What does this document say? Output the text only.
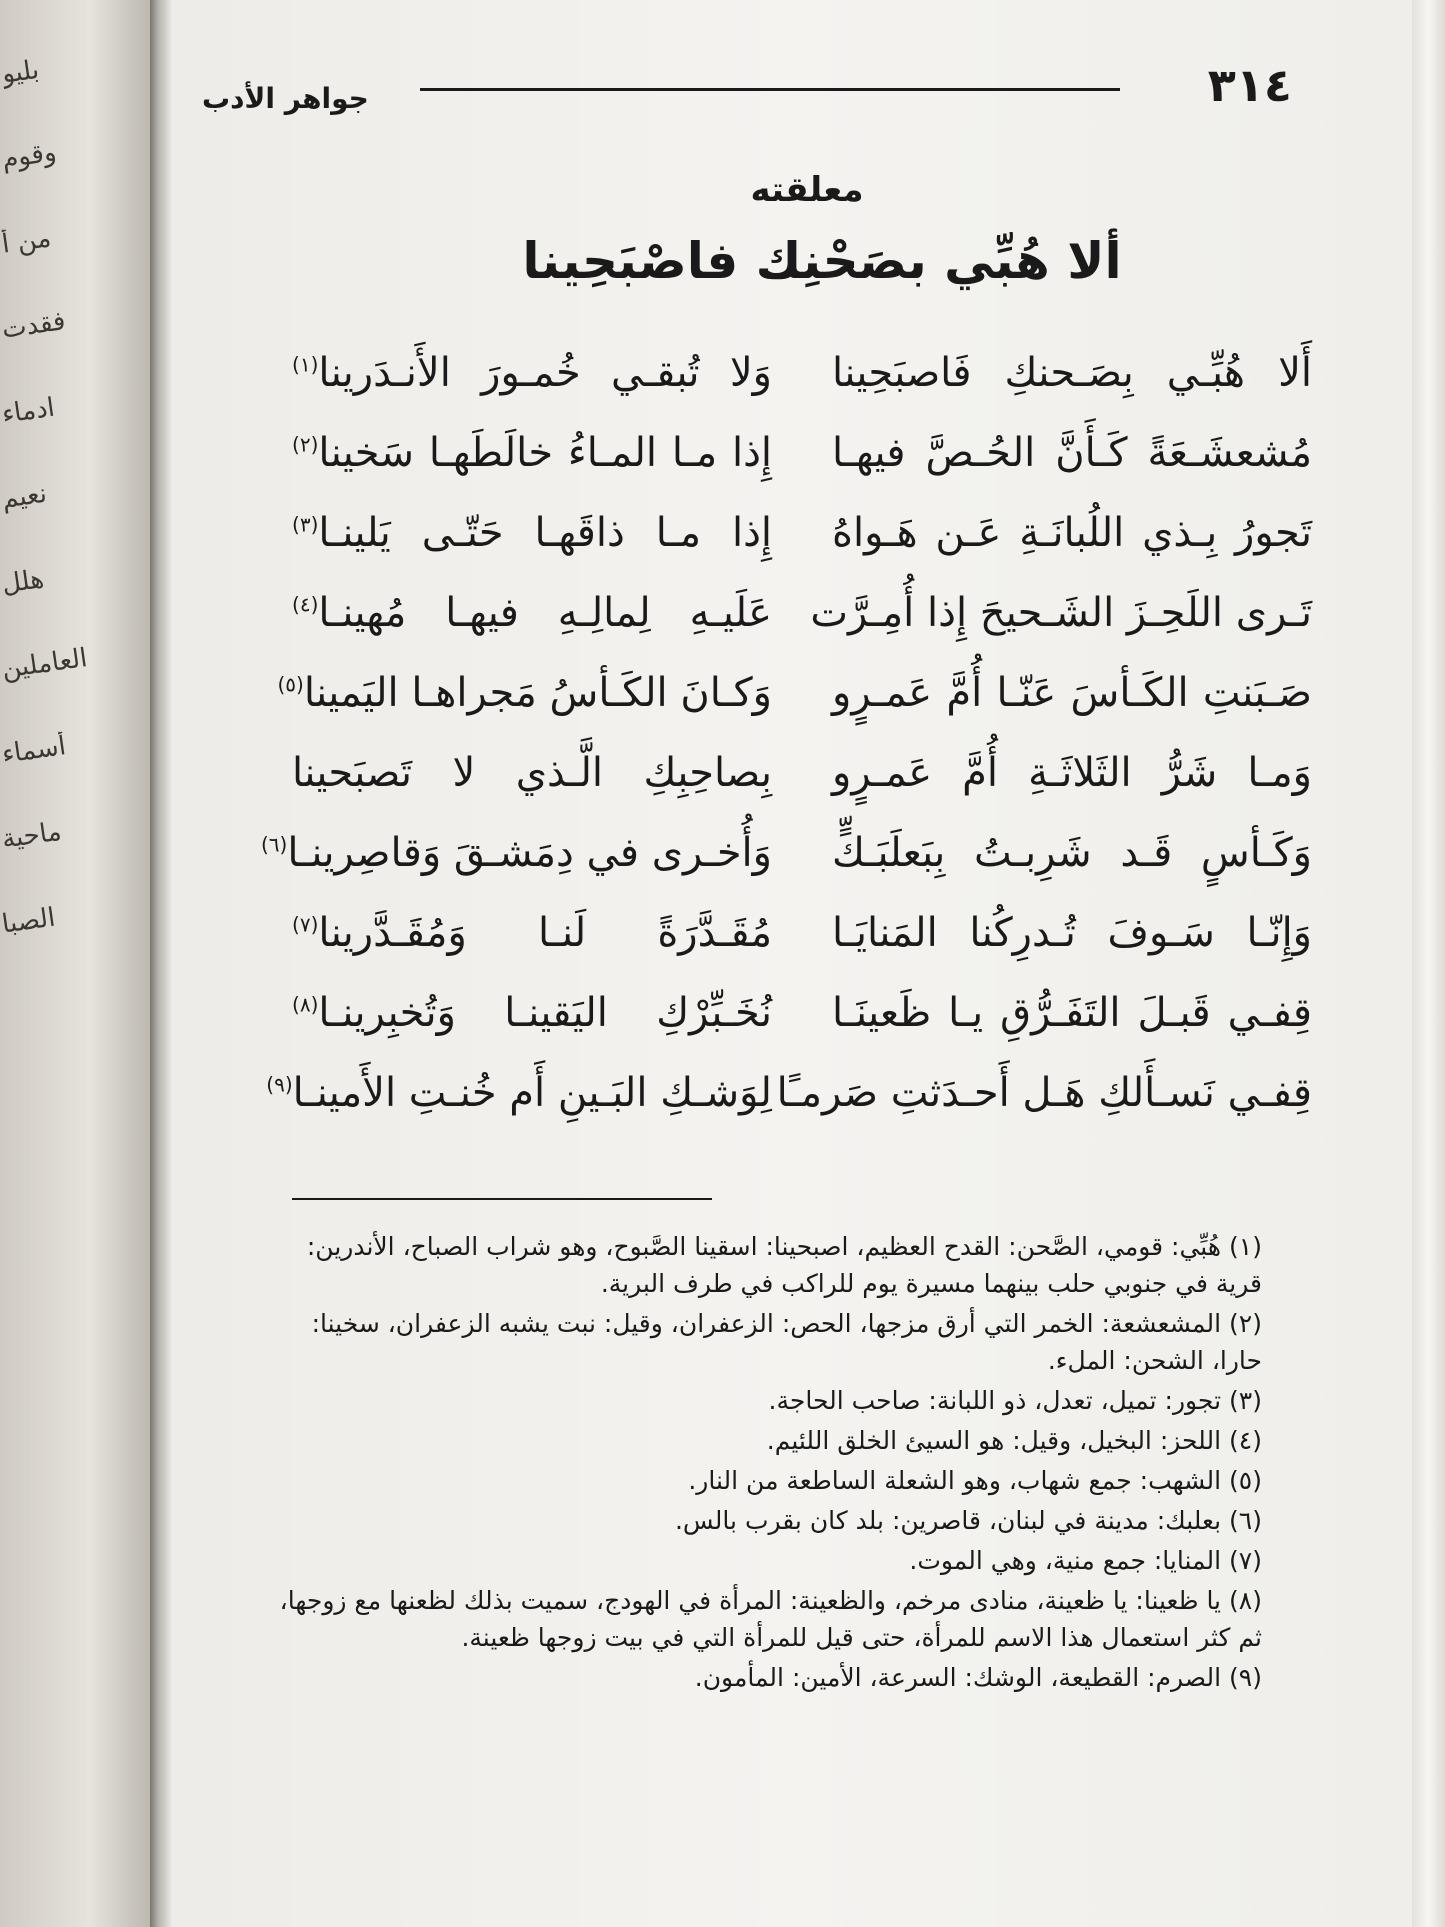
بليو
وقوم
من أ
فقدت
ادماء
نعيم
هلل
العاملين
أسماء
ماحية
الصبا
٣١٤
جواهر الأدب
معلقته
ألا هُبِّي بصَحْنِك فاصْبَحِينا
أَلا هُبِّـي بِصَـحنكِ فَاصبَحِينا
وَلا تُبقـي خُمـورَ الأَنـدَرينا$^{(١)}$
مُشعشَـعَةً كَـأَنَّ الحُـصَّ فيهـا
إِذا مـا المـاءُ خالَطَهـا سَخينا$^{(٢)}$
تَجورُ بِـذي اللُبانَـةِ عَـن هَـواهُ
إِذا مـا ذاقَهـا حَتّـى يَلينـا$^{(٣)}$
تَـرى اللَحِـزَ الشَـحيحَ إِذا أُمِـرَّت
عَلَيـهِ لِمالِـهِ فيهـا مُهينـا$^{(٤)}$
صَـبَنتِ الكَـأسَ عَنّـا أُمَّ عَمـرٍو
وَكـانَ الكَـأسُ مَجراهـا اليَمينا$^{(٥)}$
وَمـا شَرُّ الثَلاثَـةِ أُمَّ عَمـرٍو
بِصاحِبِكِ الَّـذي لا تَصبَحينا
وَكَـأسٍ قَـد شَرِبـتُ بِبَعلَبَـكٍّ
وَأُخـرى في دِمَشـقَ وَقاصِرينـا$^{(٦)}$
وَإِنّـا سَـوفَ تُـدرِكُنا المَنايَـا
مُقَـدَّرَةً لَنـا وَمُقَـدَّرينا$^{(٧)}$
قِفـي قَبـلَ التَفَـرُّقِ يـا ظَعينَـا
نُخَـبِّرْكِ اليَقينـا وَتُخبِرينـا$^{(٨)}$
قِفـي نَسـأَلكِ هَـل أَحـدَثتِ صَرمـًا
لِوَشـكِ البَـينِ أَم خُنـتِ الأَمينـا$^{(٩)}$
(١)هُبِّي: قومي، الصَّحن: القدح العظيم، اصبحينا: اسقينا الصَّبوح، وهو شراب الصباح، الأندرين: قرية في جنوبي حلب بينهما مسيرة يوم للراكب في طرف البرية.
(٢)المشعشعة: الخمر التي أرق مزجها، الحص: الزعفران، وقيل: نبت يشبه الزعفران، سخينا: حارا، الشحن: الملء.
(٣)تجور: تميل، تعدل، ذو اللبانة: صاحب الحاجة.
(٤)اللحز: البخيل، وقيل: هو السيئ الخلق اللئيم.
(٥)الشهب: جمع شهاب، وهو الشعلة الساطعة من النار.
(٦)بعلبك: مدينة في لبنان، قاصرين: بلد كان بقرب بالس.
(٧)المنايا: جمع منية، وهي الموت.
(٨)يا ظعينا: يا ظعينة، منادى مرخم، والظعينة: المرأة في الهودج، سميت بذلك لظعنها مع زوجها، ثم كثر استعمال هذا الاسم للمرأة، حتى قيل للمرأة التي في بيت زوجها ظعينة.
(٩)الصرم: القطيعة، الوشك: السرعة، الأمين: المأمون.
